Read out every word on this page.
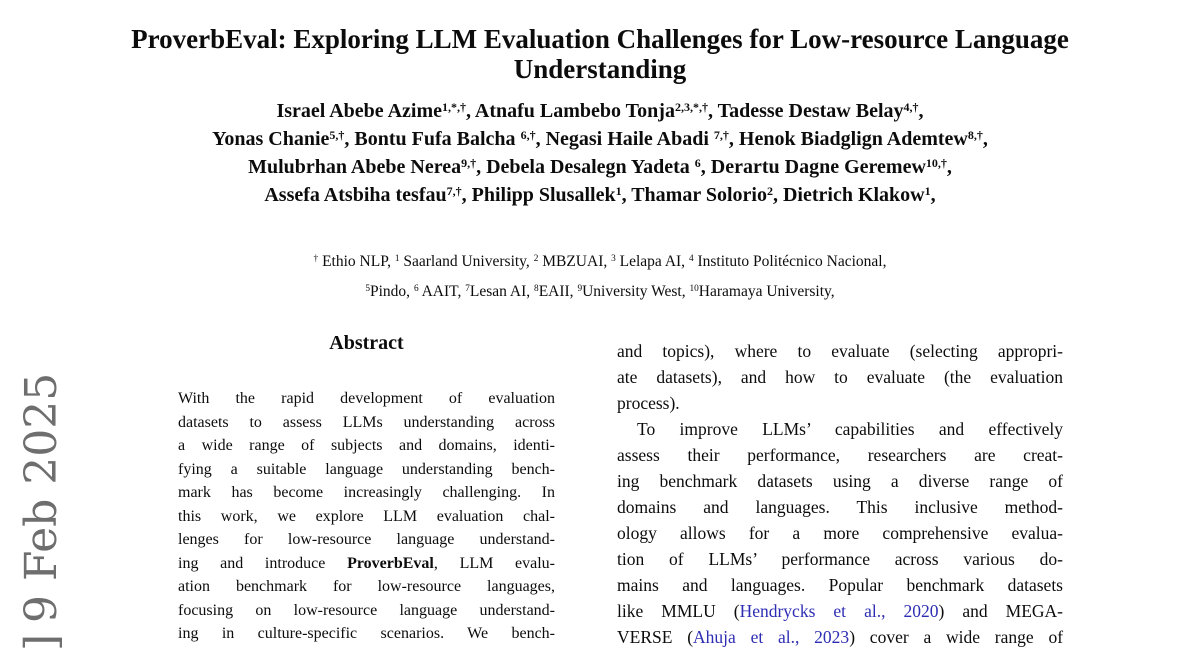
9 Feb 2025
]
ProverbEval: Exploring LLM Evaluation Challenges for Low-resource Language Understanding
Israel Abebe Azime$^{1,*,\dagger}$, Atnafu Lambebo Tonja$^{2,3,*,\dagger}$, Tadesse Destaw Belay$^{4,\dagger}$,
Yonas Chanie$^{5,\dagger}$, Bontu Fufa Balcha $^{6,\dagger}$, Negasi Haile Abadi $^{7,\dagger}$, Henok Biadglign Ademtew$^{8,\dagger}$,
Mulubrhan Abebe Nerea$^{9,\dagger}$, Debela Desalegn Yadeta $^6$, Derartu Dagne Geremew$^{10,\dagger}$,
Assefa Atsbiha tesfau$^{7,\dagger}$, Philipp Slusallek$^1$, Thamar Solorio$^2$, Dietrich Klakow$^1$,
† Ethio NLP, $^1$ Saarland University, $^2$ MBZUAI, $^3$ Lelapa AI, $^4$ Instituto Politécnico Nacional,
$^5$Pindo, $^6$ AAIT, $^7$Lesan AI, $^8$EAII, $^9$University West, $^{10}$Haramaya University,
Abstract
With the rapid development of evaluation
datasets to assess LLMs understanding across
a wide range of subjects and domains, identi-
fying a suitable language understanding bench-
mark has become increasingly challenging. In
this work, we explore LLM evaluation chal-
lenges for low-resource language understand-
ing and introduce ProverbEval, LLM evalu-
ation benchmark for low-resource languages,
focusing on low-resource language understand-
ing in culture-specific scenarios. We bench-
and topics), where to evaluate (selecting appropri-
ate datasets), and how to evaluate (the evaluation
process).
To improve LLMs’ capabilities and effectively
assess their performance, researchers are creat-
ing benchmark datasets using a diverse range of
domains and languages. This inclusive method-
ology allows for a more comprehensive evalua-
tion of LLMs’ performance across various do-
mains and languages. Popular benchmark datasets
like MMLU (Hendrycks et al., 2020) and MEGA-
VERSE (Ahuja et al., 2023) cover a wide range of
